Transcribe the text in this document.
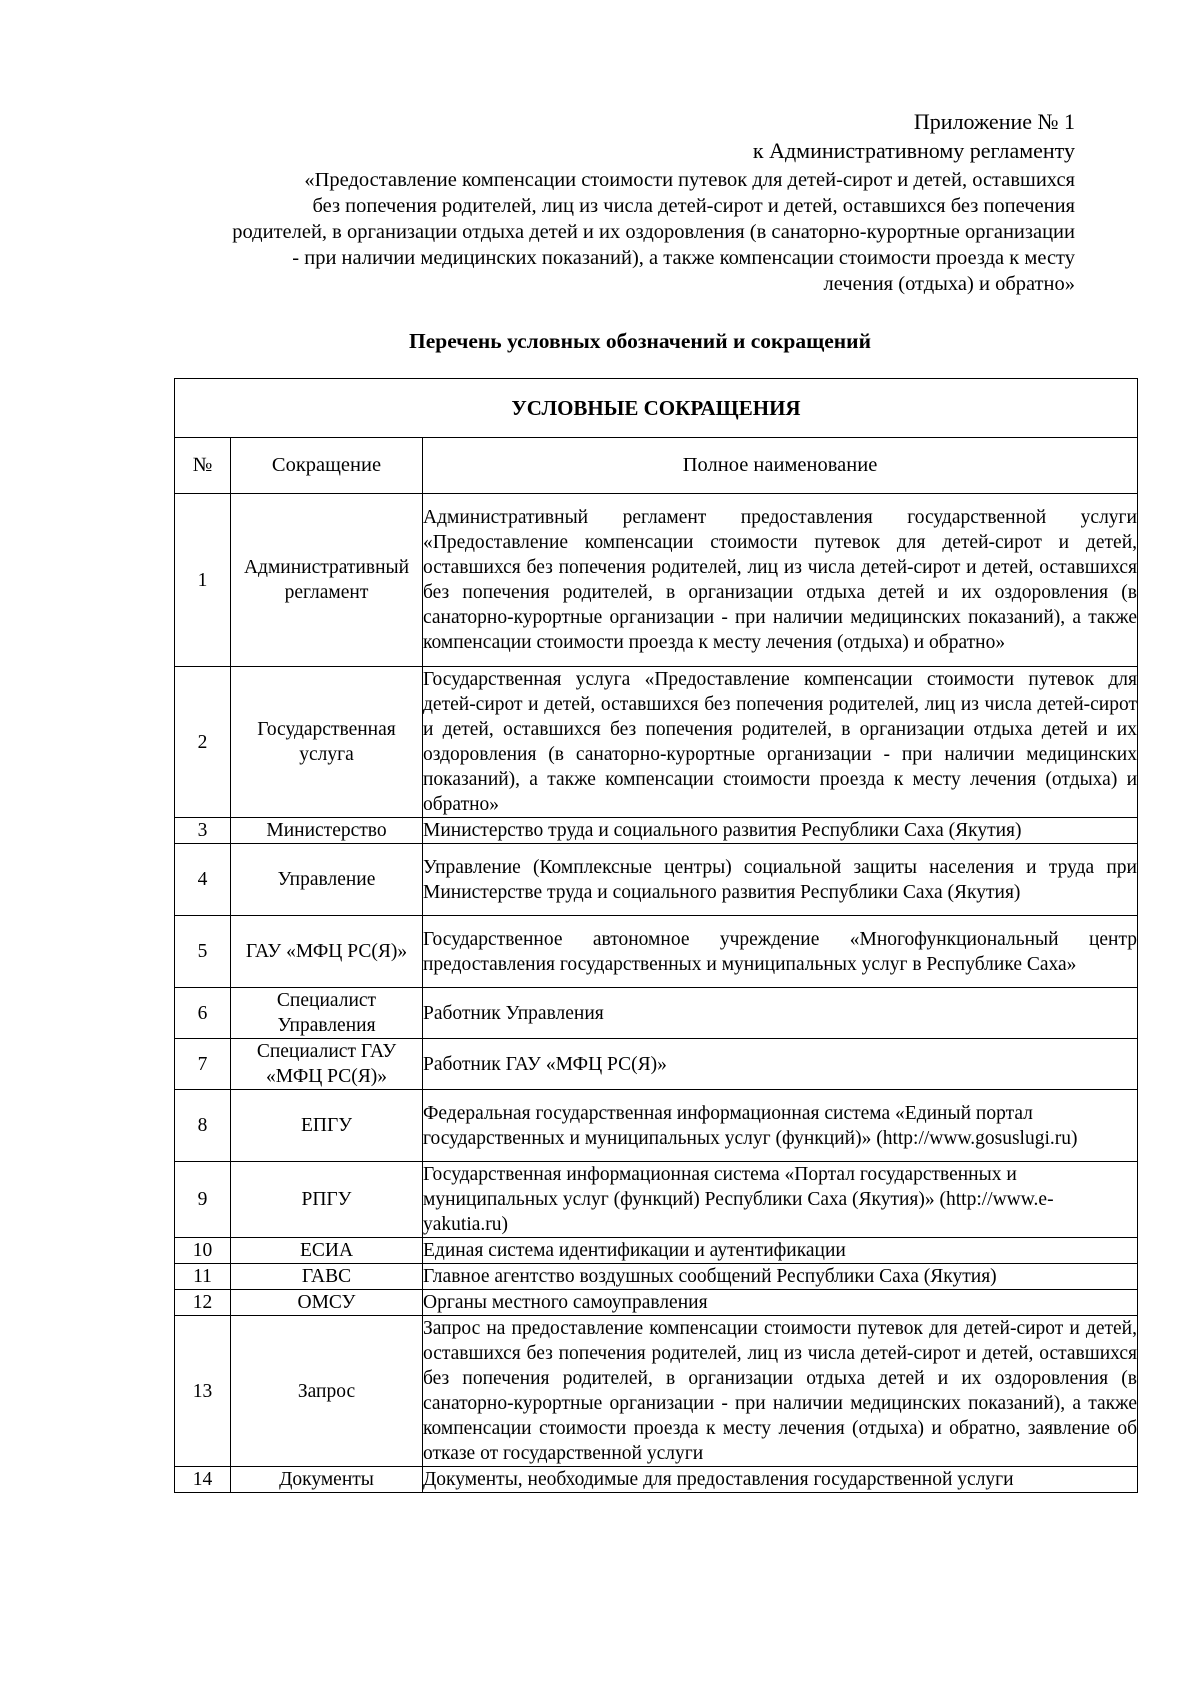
Приложение № 1
к Административному регламенту
«Предоставление компенсации стоимости путевок для детей-сирот и детей, оставшихся
без попечения родителей, лиц из числа детей-сирот и детей, оставшихся без попечения
родителей, в организации отдыха детей и их оздоровления (в санаторно-курортные организации
- при наличии медицинских показаний), а также компенсации стоимости проезда к месту
лечения (отдыха) и обратно»
Перечень условных обозначений и сокращений
УСЛОВНЫЕ СОКРАЩЕНИЯ		
№	Сокращение	Полное наименование
1	Административный регламент	Административный регламент предоставления государственной услуги «Предоставление компенсации стоимости путевок для детей-сирот и детей, оставшихся без попечения родителей, лиц из числа детей-сирот и детей, оставшихся без попечения родителей, в организации отдыха детей и их оздоровления (в санаторно-курортные организации - при наличии медицинских показаний), а также компенсации стоимости проезда к месту лечения (отдыха) и обратно»
2	Государственная услуга	Государственная услуга «Предоставление компенсации стоимости путевок для детей-сирот и детей, оставшихся без попечения родителей, лиц из числа детей-сирот и детей, оставшихся без попечения родителей, в организации отдыха детей и их оздоровления (в санаторно-курортные организации - при наличии медицинских показаний), а также компенсации стоимости проезда к месту лечения (отдыха) и обратно»
3	Министерство	Министерство труда и социального развития Республики Саха (Якутия)
4	Управление	Управление (Комплексные центры) социальной защиты населения и труда при Министерстве труда и социального развития Республики Саха (Якутия)
5	ГАУ «МФЦ РС(Я)»	Государственное автономное учреждение «Многофункциональный центр предоставления государственных и муниципальных услуг в Республике Саха»
6	Специалист Управления	Работник Управления
7	Специалист ГАУ «МФЦ РС(Я)»	Работник ГАУ «МФЦ РС(Я)»
8	ЕПГУ	Федеральная государственная информационная система «Единый портал государственных и муниципальных услуг (функций)» (http://www.gosuslugi.ru)
9	РПГУ	Государственная информационная система «Портал государственных и муниципальных услуг (функций) Республики Саха (Якутия)» (http://www.e-yakutia.ru)
10	ЕСИА	Единая система идентификации и аутентификации
11	ГАВС	Главное агентство воздушных сообщений Республики Саха (Якутия)
12	ОМСУ	Органы местного самоуправления
13	Запрос	Запрос на предоставление компенсации стоимости путевок для детей-сирот и детей, оставшихся без попечения родителей, лиц из числа детей-сирот и детей, оставшихся без попечения родителей, в организации отдыха детей и их оздоровления (в санаторно-курортные организации - при наличии медицинских показаний), а также компенсации стоимости проезда к месту лечения (отдыха) и обратно, заявление об отказе от государственной услуги
14	Документы	Документы, необходимые для предоставления государственной услуги
